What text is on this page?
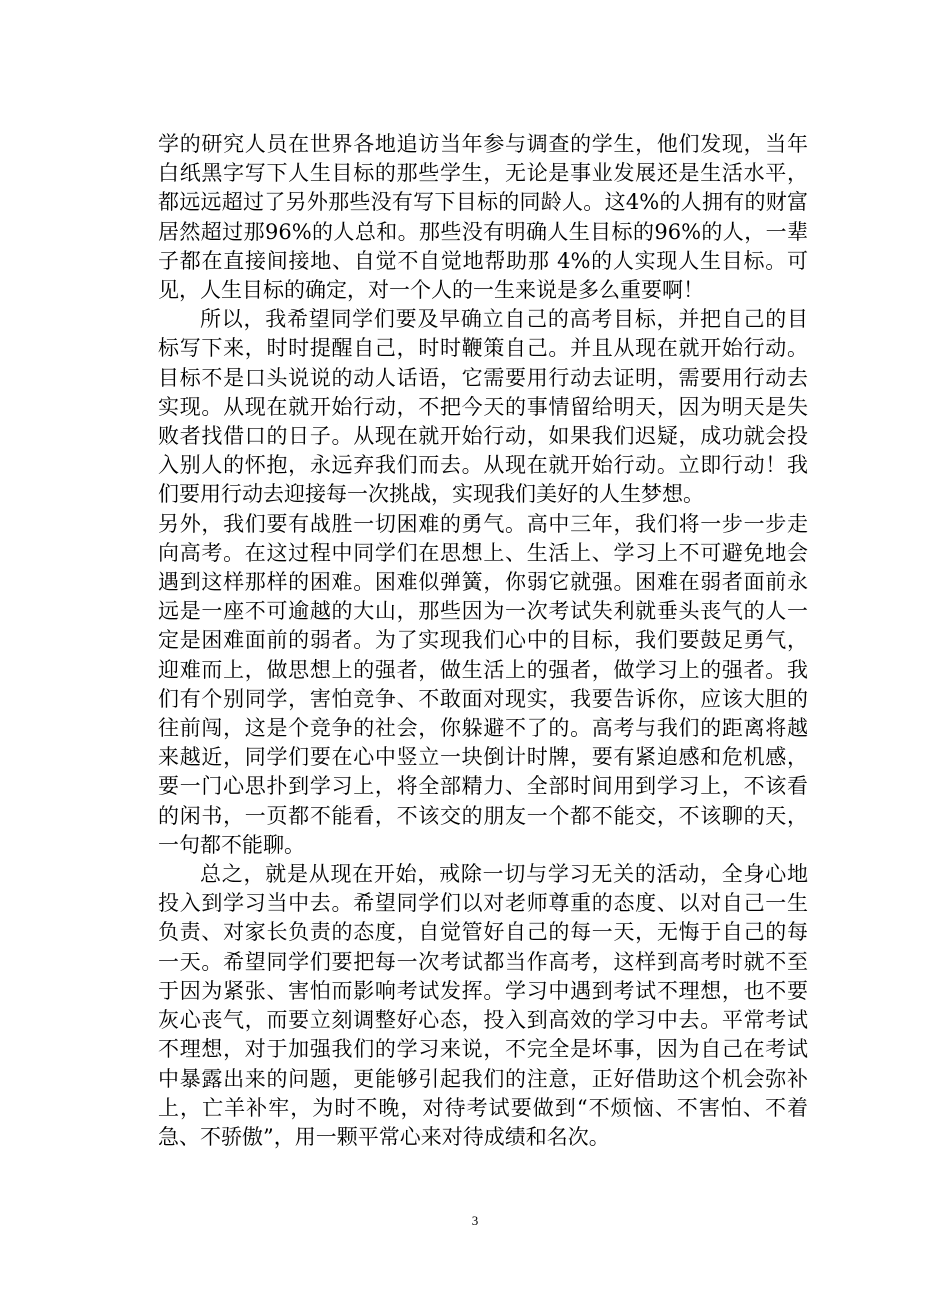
学的研究人员在世界各地追访当年参与调查的学生，他们发现，当年白纸黑字写下人生目标的那些学生，无论是事业发展还是生活水平，都远远超过了另外那些没有写下目标的同龄人。这4%的人拥有的财富居然超过那96%的人总和。那些没有明确人生目标的96%的人，一辈子都在直接间接地、自觉不自觉地帮助那 4%的人实现人生目标。可见，人生目标的确定，对一个人的一生来说是多么重要啊！

所以，我希望同学们要及早确立自己的高考目标，并把自己的目标写下来，时时提醒自己，时时鞭策自己。并且从现在就开始行动。目标不是口头说说的动人话语，它需要用行动去证明，需要用行动去实现。从现在就开始行动，不把今天的事情留给明天，因为明天是失败者找借口的日子。从现在就开始行动，如果我们迟疑，成功就会投入别人的怀抱，永远弃我们而去。从现在就开始行动。立即行动！我们要用行动去迎接每一次挑战，实现我们美好的人生梦想。

另外，我们要有战胜一切困难的勇气。高中三年，我们将一步一步走向高考。在这过程中同学们在思想上、生活上、学习上不可避免地会遇到这样那样的困难。困难似弹簧，你弱它就强。困难在弱者面前永远是一座不可逾越的大山，那些因为一次考试失利就垂头丧气的人一定是困难面前的弱者。为了实现我们心中的目标，我们要鼓足勇气，迎难而上，做思想上的强者，做生活上的强者，做学习上的强者。我们有个别同学，害怕竞争、不敢面对现实，我要告诉你，应该大胆的往前闯，这是个竞争的社会，你躲避不了的。高考与我们的距离将越来越近，同学们要在心中竖立一块倒计时牌，要有紧迫感和危机感，要一门心思扑到学习上，将全部精力、全部时间用到学习上，不该看的闲书，一页都不能看，不该交的朋友一个都不能交，不该聊的天，一句都不能聊。

总之，就是从现在开始，戒除一切与学习无关的活动，全身心地投入到学习当中去。希望同学们以对老师尊重的态度、以对自己一生负责、对家长负责的态度，自觉管好自己的每一天，无悔于自己的每一天。希望同学们要把每一次考试都当作高考，这样到高考时就不至于因为紧张、害怕而影响考试发挥。学习中遇到考试不理想，也不要灰心丧气，而要立刻调整好心态，投入到高效的学习中去。平常考试不理想，对于加强我们的学习来说，不完全是坏事，因为自己在考试中暴露出来的问题，更能够引起我们的注意，正好借助这个机会弥补上，亡羊补牢，为时不晚，对待考试要做到“不烦恼、不害怕、不着急、不骄傲”，用一颗平常心来对待成绩和名次。

3
